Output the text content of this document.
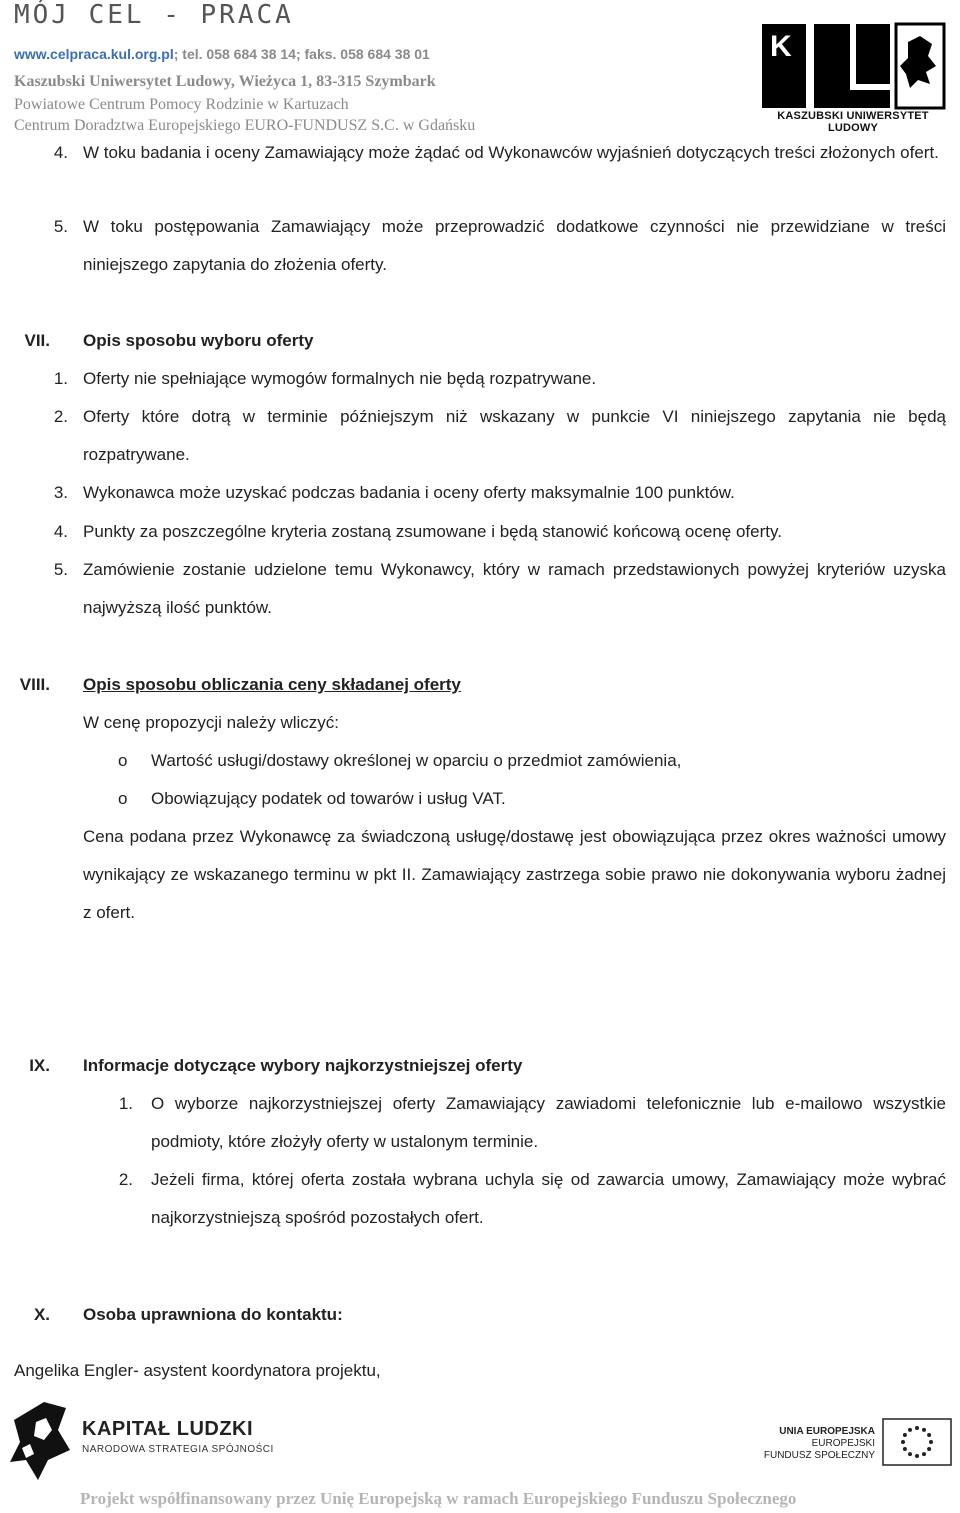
MÓJ CEL - PRACA
www.celpraca.kul.org.pl; tel. 058 684 38 14; faks. 058 684 38 01
Kaszubski Uniwersytet Ludowy, Wieżyca 1, 83-315 Szymbark
Powiatowe Centrum Pomocy Rodzinie w Kartuzach
Centrum Doradztwa Europejskiego EURO-FUNDUSZ S.C. w Gdańsku
K
KASZUBSKI UNIWERSYTET LUDOWY
4. W toku badania i oceny Zamawiający może żądać od Wykonawców wyjaśnień dotyczących treści złożonych ofert.
5. W toku postępowania Zamawiający może przeprowadzić dodatkowe czynności nie przewidziane w treści niniejszego zapytania do złożenia oferty.
VII. Opis sposobu wyboru oferty
1. Oferty nie spełniające wymogów formalnych nie będą rozpatrywane.
2. Oferty które dotrą w terminie późniejszym niż wskazany w punkcie VI niniejszego zapytania nie będą rozpatrywane.
3. Wykonawca może uzyskać podczas badania i oceny oferty maksymalnie 100 punktów.
4. Punkty za poszczególne kryteria zostaną zsumowane i będą stanowić końcową ocenę oferty.
5. Zamówienie zostanie udzielone temu Wykonawcy, który w ramach przedstawionych powyżej kryteriów uzyska najwyższą ilość punktów.
VIII. Opis sposobu obliczania ceny składanej oferty
W cenę propozycji należy wliczyć:
o Wartość usługi/dostawy określonej w oparciu o przedmiot zamówienia,
o Obowiązujący podatek od towarów i usług VAT.
Cena podana przez Wykonawcę za świadczoną usługę/dostawę jest obowiązująca przez okres ważności umowy wynikający ze wskazanego terminu w pkt II. Zamawiający zastrzega sobie prawo nie dokonywania wyboru żadnej z ofert.
IX. Informacje dotyczące wybory najkorzystniejszej oferty
1. O wyborze najkorzystniejszej oferty Zamawiający zawiadomi telefonicznie lub e-mailowo wszystkie podmioty, które złożyły oferty w ustalonym terminie.
2. Jeżeli firma, której oferta została wybrana uchyla się od zawarcia umowy, Zamawiający może wybrać najkorzystniejszą spośród pozostałych ofert.
X. Osoba uprawniona do kontaktu:
Angelika Engler- asystent koordynatora projektu,
KAPITAŁ LUDZKI
NARODOWA STRATEGIA SPÓJNOŚCI
UNIA EUROPEJSKA
EUROPEJSKI
FUNDUSZ SPOŁECZNY
Projekt współfinansowany przez Unię Europejską w ramach Europejskiego Funduszu Społecznego
